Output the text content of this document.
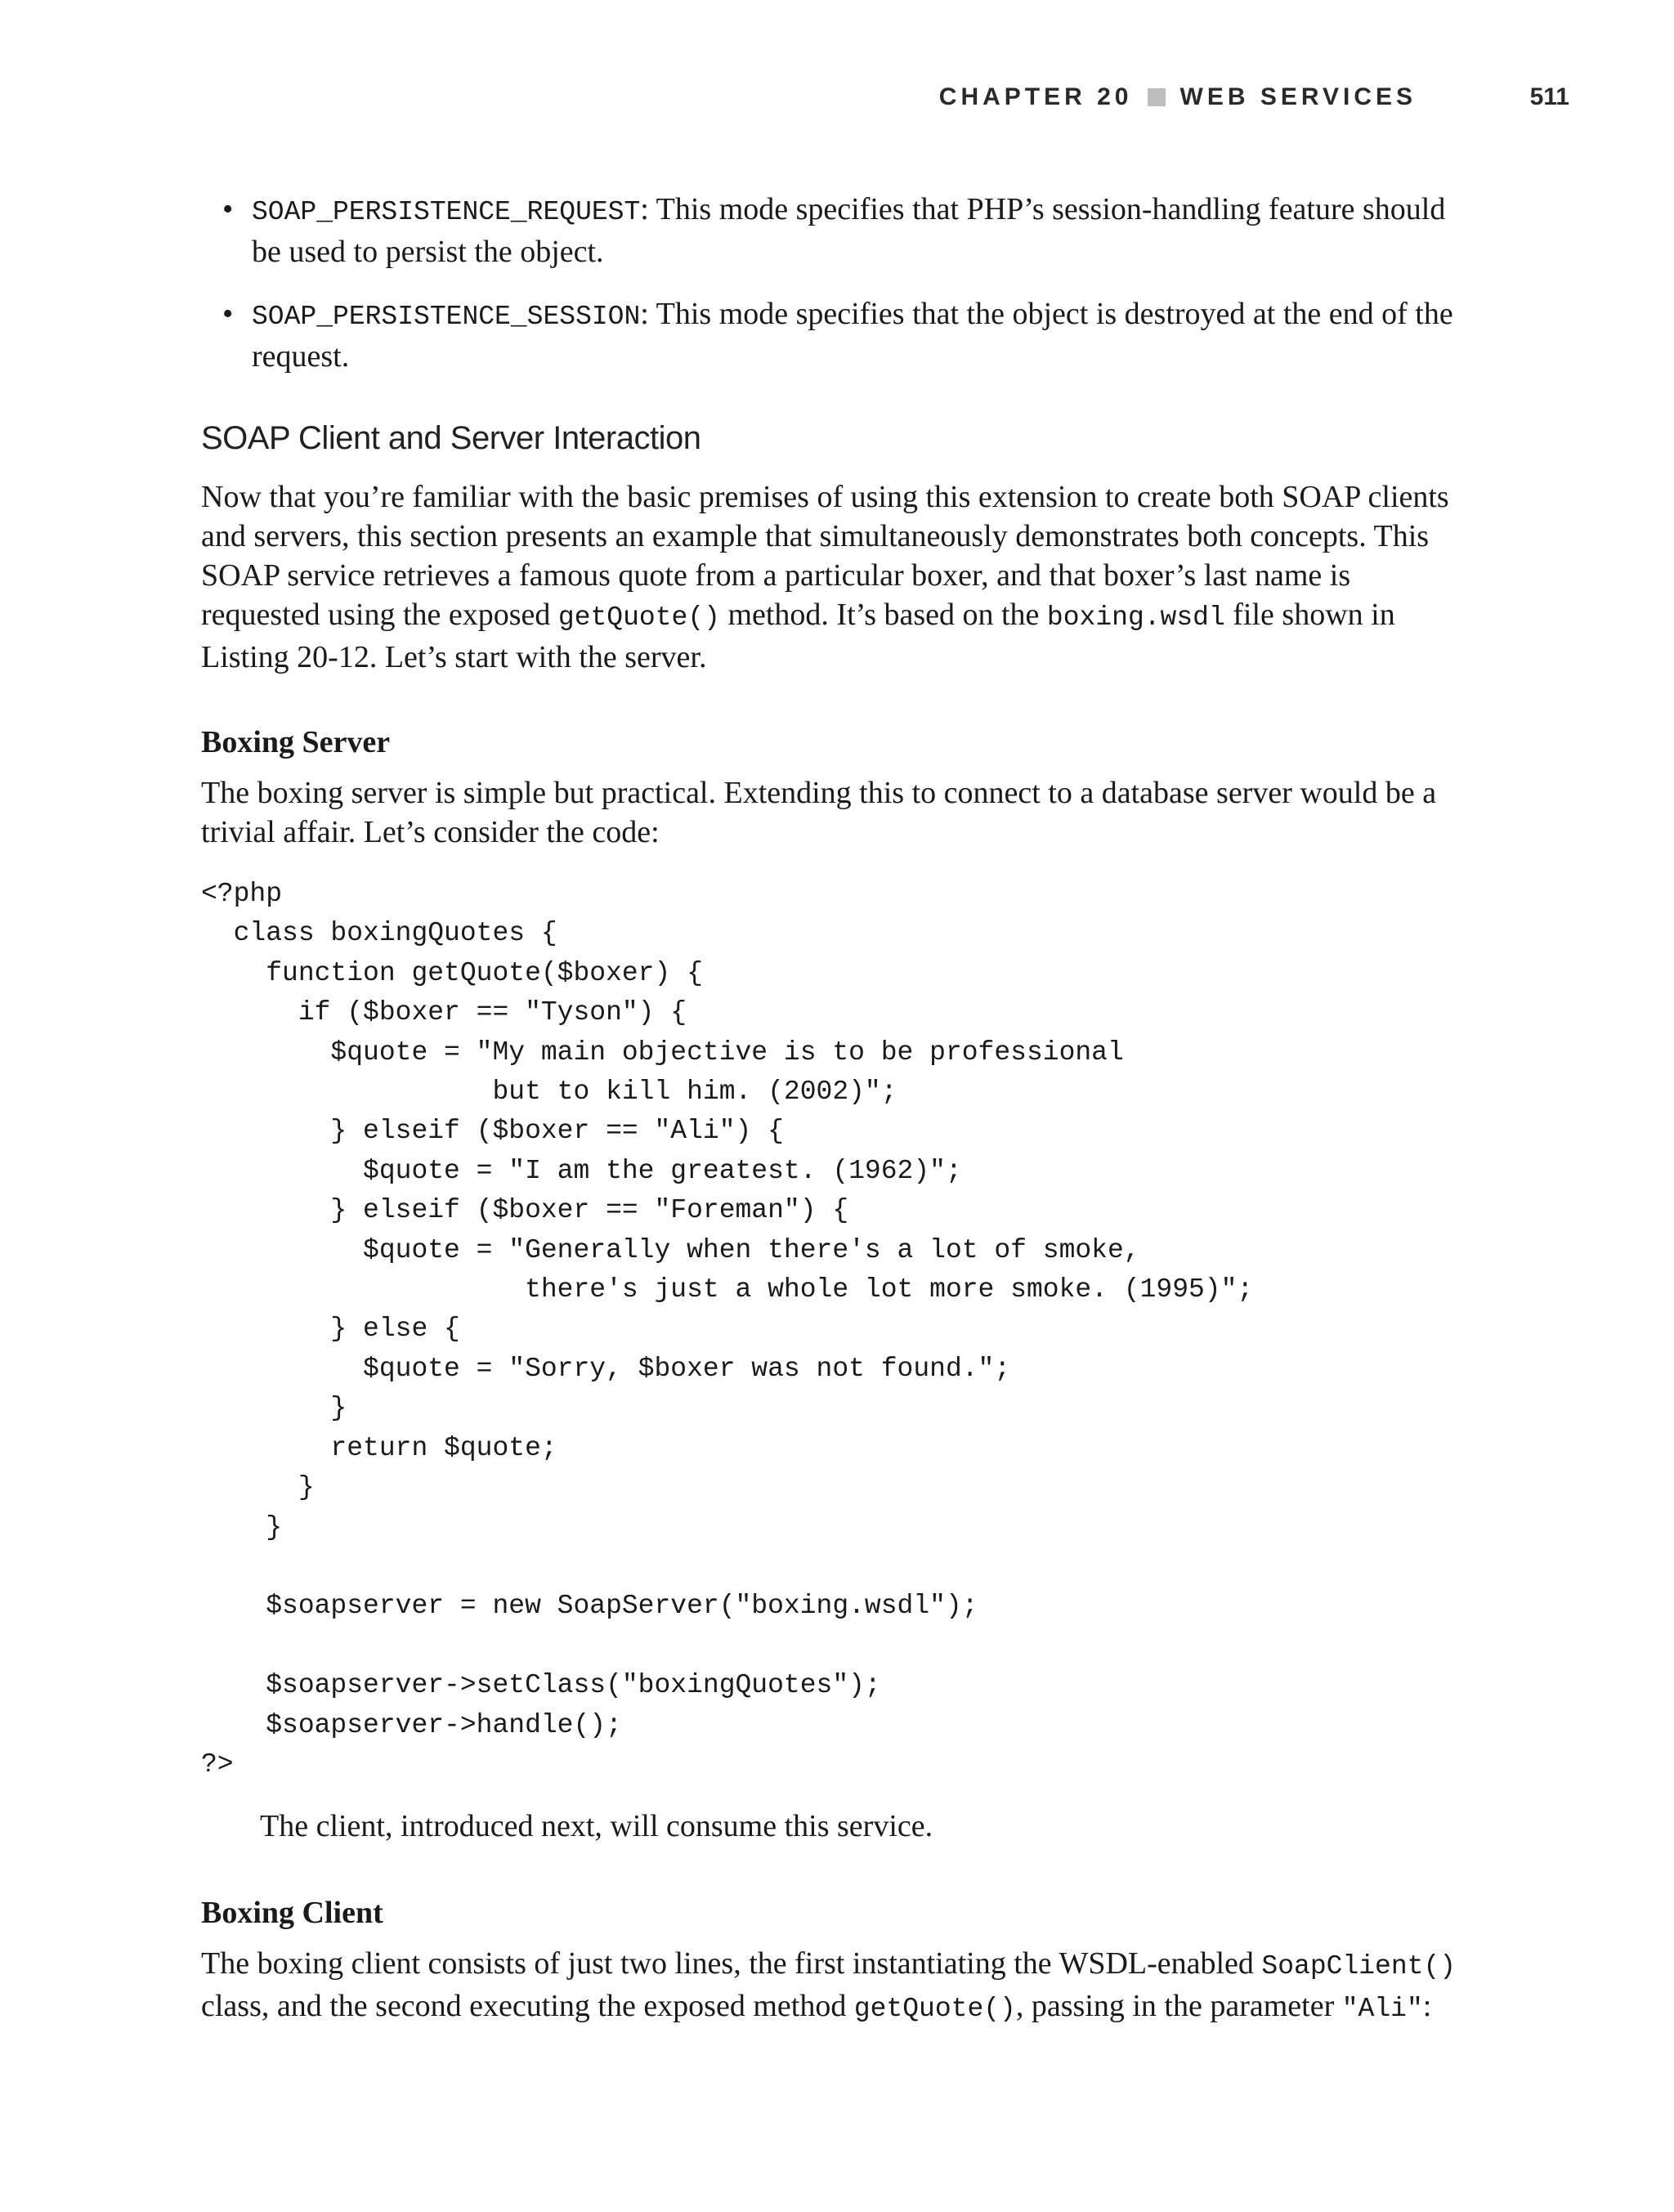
CHAPTER 20 WEB SERVICES	511
• SOAP_PERSISTENCE_REQUEST: This mode specifies that PHP’s session-handling feature should be used to persist the object.
• SOAP_PERSISTENCE_SESSION: This mode specifies that the object is destroyed at the end of the request.
SOAP Client and Server Interaction

Now that you’re familiar with the basic premises of using this extension to create both SOAP clients and servers, this section presents an example that simultaneously demonstrates both concepts. This SOAP service retrieves a famous quote from a particular boxer, and that boxer’s last name is requested using the exposed getQuote() method. It’s based on the boxing.wsdl file shown in Listing 20-12. Let’s start with the server.

Boxing Server

The boxing server is simple but practical. Extending this to connect to a database server would be a trivial affair. Let’s consider the code:

<?php
class boxingQuotes {
function getQuote($boxer) {
if ($boxer == "Tyson") {
$quote = "My main objective is to be professional
but to kill him. (2002)";
} elseif ($boxer == "Ali") {
$quote = "I am the greatest. (1962)";
} elseif ($boxer == "Foreman") {
$quote = "Generally when there's a lot of smoke,
there's just a whole lot more smoke. (1995)";
} else {
$quote = "Sorry, $boxer was not found.";
}
return $quote;
}
}

$soapserver = new SoapServer("boxing.wsdl");

$soapserver->setClass("boxingQuotes");
$soapserver->handle();
?>

The client, introduced next, will consume this service.

Boxing Client

The boxing client consists of just two lines, the first instantiating the WSDL-enabled SoapClient() class, and the second executing the exposed method getQuote(), passing in the parameter "Ali":
